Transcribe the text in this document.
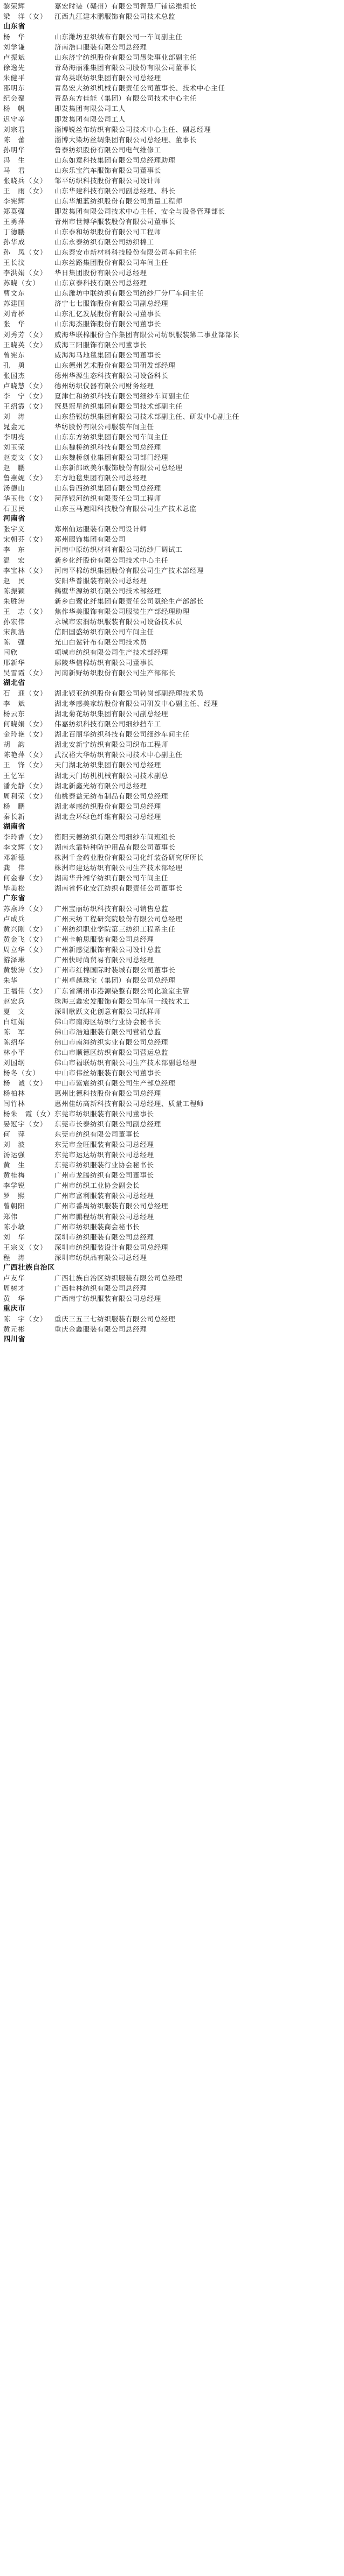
黎荣辉	嘉宏时装（赣州）有限公司智慧厂铺运维组长
梁　洋（女）	江西九江建木鹏服饰有限公司技术总监
山东省
杨　华	山东潍坊亚织绒布有限公司一车间副主任
刘学谦	济南浩口服装有限公司总经理
卢振斌	山东济宁纺织股份有限公司愚染事业部副主任
徐逸先	青岛海丽雅集团有限公司股份有限公司董事长
朱健平	青岛英联纺织集团有限公司总经理
邵明东	青岛宏大纺织机械有限责任公司董事长、技术中心主任
纪会聚	青岛东方佳能（集团）有限公司技术中心主任
杨　帆	即发集团有限公司工人
迟守辛	即发集团有限公司工人
刘宗君	淄博锐丝布纺织有限公司技术中心主任、副总经理
陈　蕾	淄博大染坊丝绸集团有限公司总经理、董事长
孙明华	鲁泰纺织股份有限公司电气维修工
冯　生	山东如意科技集团有限公司总经理助理
马　君	山东乐宝汽车服饰有限公司董事长
张晓兵（女）	邹平纺织科技股份有限公司设计师
王　雨（女）	山东华建科技有限公司副总经理、科长
李宪辉	山东华旭蓝纺织股份有限公司质量工程师
郑莫强	即发集团有限公司技术中心主任、安全与设备管理部长
王勇萍	青州市世博华服装股份有限公司董事长
丁德鹏	山东泰和纺织股份有限公司工程师
孙华成	山东永泰纺织有限公司纺织棉工
孙　凤（女）	山东泰安市新材料科技股份有限公司车间主任
王长汶	山东丝路集团股份有限公司车间主任
李洪娟（女）	华日集团股份有限公司总经理
苏晓（女）	山东京泰科技有限公司总经理
曹文东	山东潍坊中联纺织有限公司纺纱厂分厂车间主任
苏建国	济宁七七服饰股份有限公司副总经理
刘青桥	山东汇亿发展股份有限公司董事长
张　华	山东海杰服饰股份有限公司董事长
刘秀芳（女）	威海华联棉服份合作集团有限公司纺织服装第二事业部部长
王晓英（女）	威海三阳服饰有限公司董事长
曾宪东	威海海马地毯集团有限公司董事长
孔　勇	山东德州艺术股份有限公司研发部经理
张国杰	德州华源生态科技有限公司设备科长
卢晓慧（女）	德州纺织仪器有限公司财务经理
李　宁（女）	夏津仁和纺织科技有限公司细纱车间副主任
王绍霞（女）	冠县冠星纺织集团有限公司技术部副主任
刘　涛	山东岱银纺织集团有限公司技术部副主任、研发中心副主任
晁金元	华纺股份有限公司服装车间主任
李明亮	山东东方纺织集团有限公司车间主任
刘玉荣	山东魏桥纺织科技有限公司总经理
赵麦文（女）	山东魏桥创业集团有限公司部门经理
赵　鹏	山东新郎欧美尔服饰股份有限公司总经理
鲁燕妮（女）	东方地毯集团有限公司总经理
汤德山	山东鲁西纺织集团有限公司总经理
华玉伟（女）	菏泽银河纺织有限责任公司工程师
石卫民	山东玉马遮阳科技股份有限公司生产技术总监
河南省
张宇义	郑州仙达服装有限公司设计师
宋朝芬（女）	郑州服饰集团有限公司
李　东	河南中原纺织材料有限公司纺纱厂调试工
温　宏	新乡化纤股份有限公司技术中心主任
李宝林（女）	河南平棉纺织集团股份有限公司生产技术部经理
赵　民	安阳华普服装有限公司总经理
陈振颖	鹤壁华源纺织有限公司技术部经理
朱胜涛	新乡白鹭化纤集团有限责任公司氨纶生产部部长
王　志（女）	焦作华美服饰有限公司服装生产部经理助理
孙宏伟	永城市宏润纺织服装有限公司设备技术员
宋凯浩	信阳国盛纺织有限公司车间主任
陈　强	光山白鲨针布有限公司技术员
闫欣	项城市纺织有限公司生产技术部经理
邢新华	鄢陵华信棉纺织有限公司董事长
吴雪霞（女）	河南新野纺织股份有限公司生产部部长
湖北省
石　迎（女）	湖北银亚纺织股份有限公司转岗部副经理技术员
李　斌	湖北孝感美家纺股份有限公司研发中心副主任、经理
杨云东	湖北菊花纺织集团有限公司副总经理
何晓娟（女）	伟嘉纺织科技有限公司细纱挡车工
金玲艳（女）	湖北百丽华纺织科技有限公司细纱车间主任
胡　韵	湖北安新宁纺织有限公司织布工程师
陈艳萍（女）	武汉裕大华纺织有限公司技术中心副主任
王　锋（女）	天门湖北纺织集团有限公司总经理
王忆军	湖北天门纺机机械有限公司技术副总
潘允静（女）	湖北新鑫光纺有限公司总经理
周利荣（女）	仙桃泰益无纺布制品有限公司总经理
杨　鹏	湖北孝感纺织股份有限公司总经理
秦长新	湖北金环绿色纤维有限公司总经理
湖南省
李玲香（女）	衡阳天德纺织有限公司细纱车间班组长
李文辉（女）	湖南永霏特种防护用品有限公司董事长
邓新德	株洲千金药业股份有限公司化纤装备研究所所长
龚　伟	株洲市建达纺织有限公司生产技术部经理
何金春（女）	湖南华升湘华纺织有限公司车间主任
毕美松	湖南省怀化安江纺织有限责任公司董事长
广东省
苏燕玲（女）	广州宝丽纺织科技有限公司销售总监
卢成兵	广州天纺工程研究院股份有限公司总经理
黄兴刚（女）	广州纺织职业学院第三纺织工程系主任
黄金飞（女）	广州卡帕思服装有限公司总经理
周立华（女）	广州新感觉服饰有限公司设计总监
游泽琳	广州快时尚贸易有限公司总经理
黄骏涛（女）	广州市红棉国际时装城有限公司董事长
朱华	广州卓越珠宝（集团）有限公司总经理
王福伟（女）	广东省潮州市港源染整有限公司化验室主管
赵宏兵	珠海三鑫宏发服饰有限公司车间一线技术工
夏　文	深圳歌跃文化创意有限公司纸样师
白红娟	佛山市南海区纺织行业协会秘书长
陈　军	佛山市浩迪服装有限公司营销总监
陈绍华	佛山市南海纺织实业有限公司总经理
林小平	佛山市顺德区纺织有限公司营运总监
刘国纲	佛山市福联纺织有限公司生产技术部副总经理
杨冬（女）	中山市伟丝纺服装有限公司董事长
杨　诚（女）	中山市紫宸纺织有限公司生产部总经理
杨柏林	惠州比德科技股份有限公司总经理
闫竹林	惠州佳纺高新科技有限公司总经理、质量工程师
杨朱　霞（女） 东莞市纺织服装有限公司董事长
晏冠宇（女）	东莞市长泰纺织有限公司副总经理
何　萍	东莞市纺织有限公司董事长
刘　波	东莞市金旺服装有限公司总经理
汤运强	东莞市运达纺织有限公司总经理
黄　生	东莞市纺织服装行业协会秘书长
黄桂梅	广州市龙腾纺织有限公司董事长
李学锐	广州市纺织工业协会副会长
罗　熙	广州市富利服装有限公司总经理
曾朝阳	广州市番禺纺织服装有限公司总经理
郑伟	广州市鹏程纺织有限公司总经理
陈小敏	广州市纺织服装商会秘书长
刘　华	深圳市纺织服装有限公司总经理
王宗义（女）	深圳市纺织服装设计有限公司总经理
程　涛	深圳市纺织品有限公司总经理
广西壮族自治区
卢友华	广西壮族自治区纺织服装有限公司总经理
周树才	广西桂林纺织有限公司总经理
黄　华	广西南宁纺织服装有限公司总经理
重庆市
陈　宇（女）	重庆三五三七纺织服装有限公司总经理
黄元彬	重庆金鑫服装有限公司总经理
四川省
